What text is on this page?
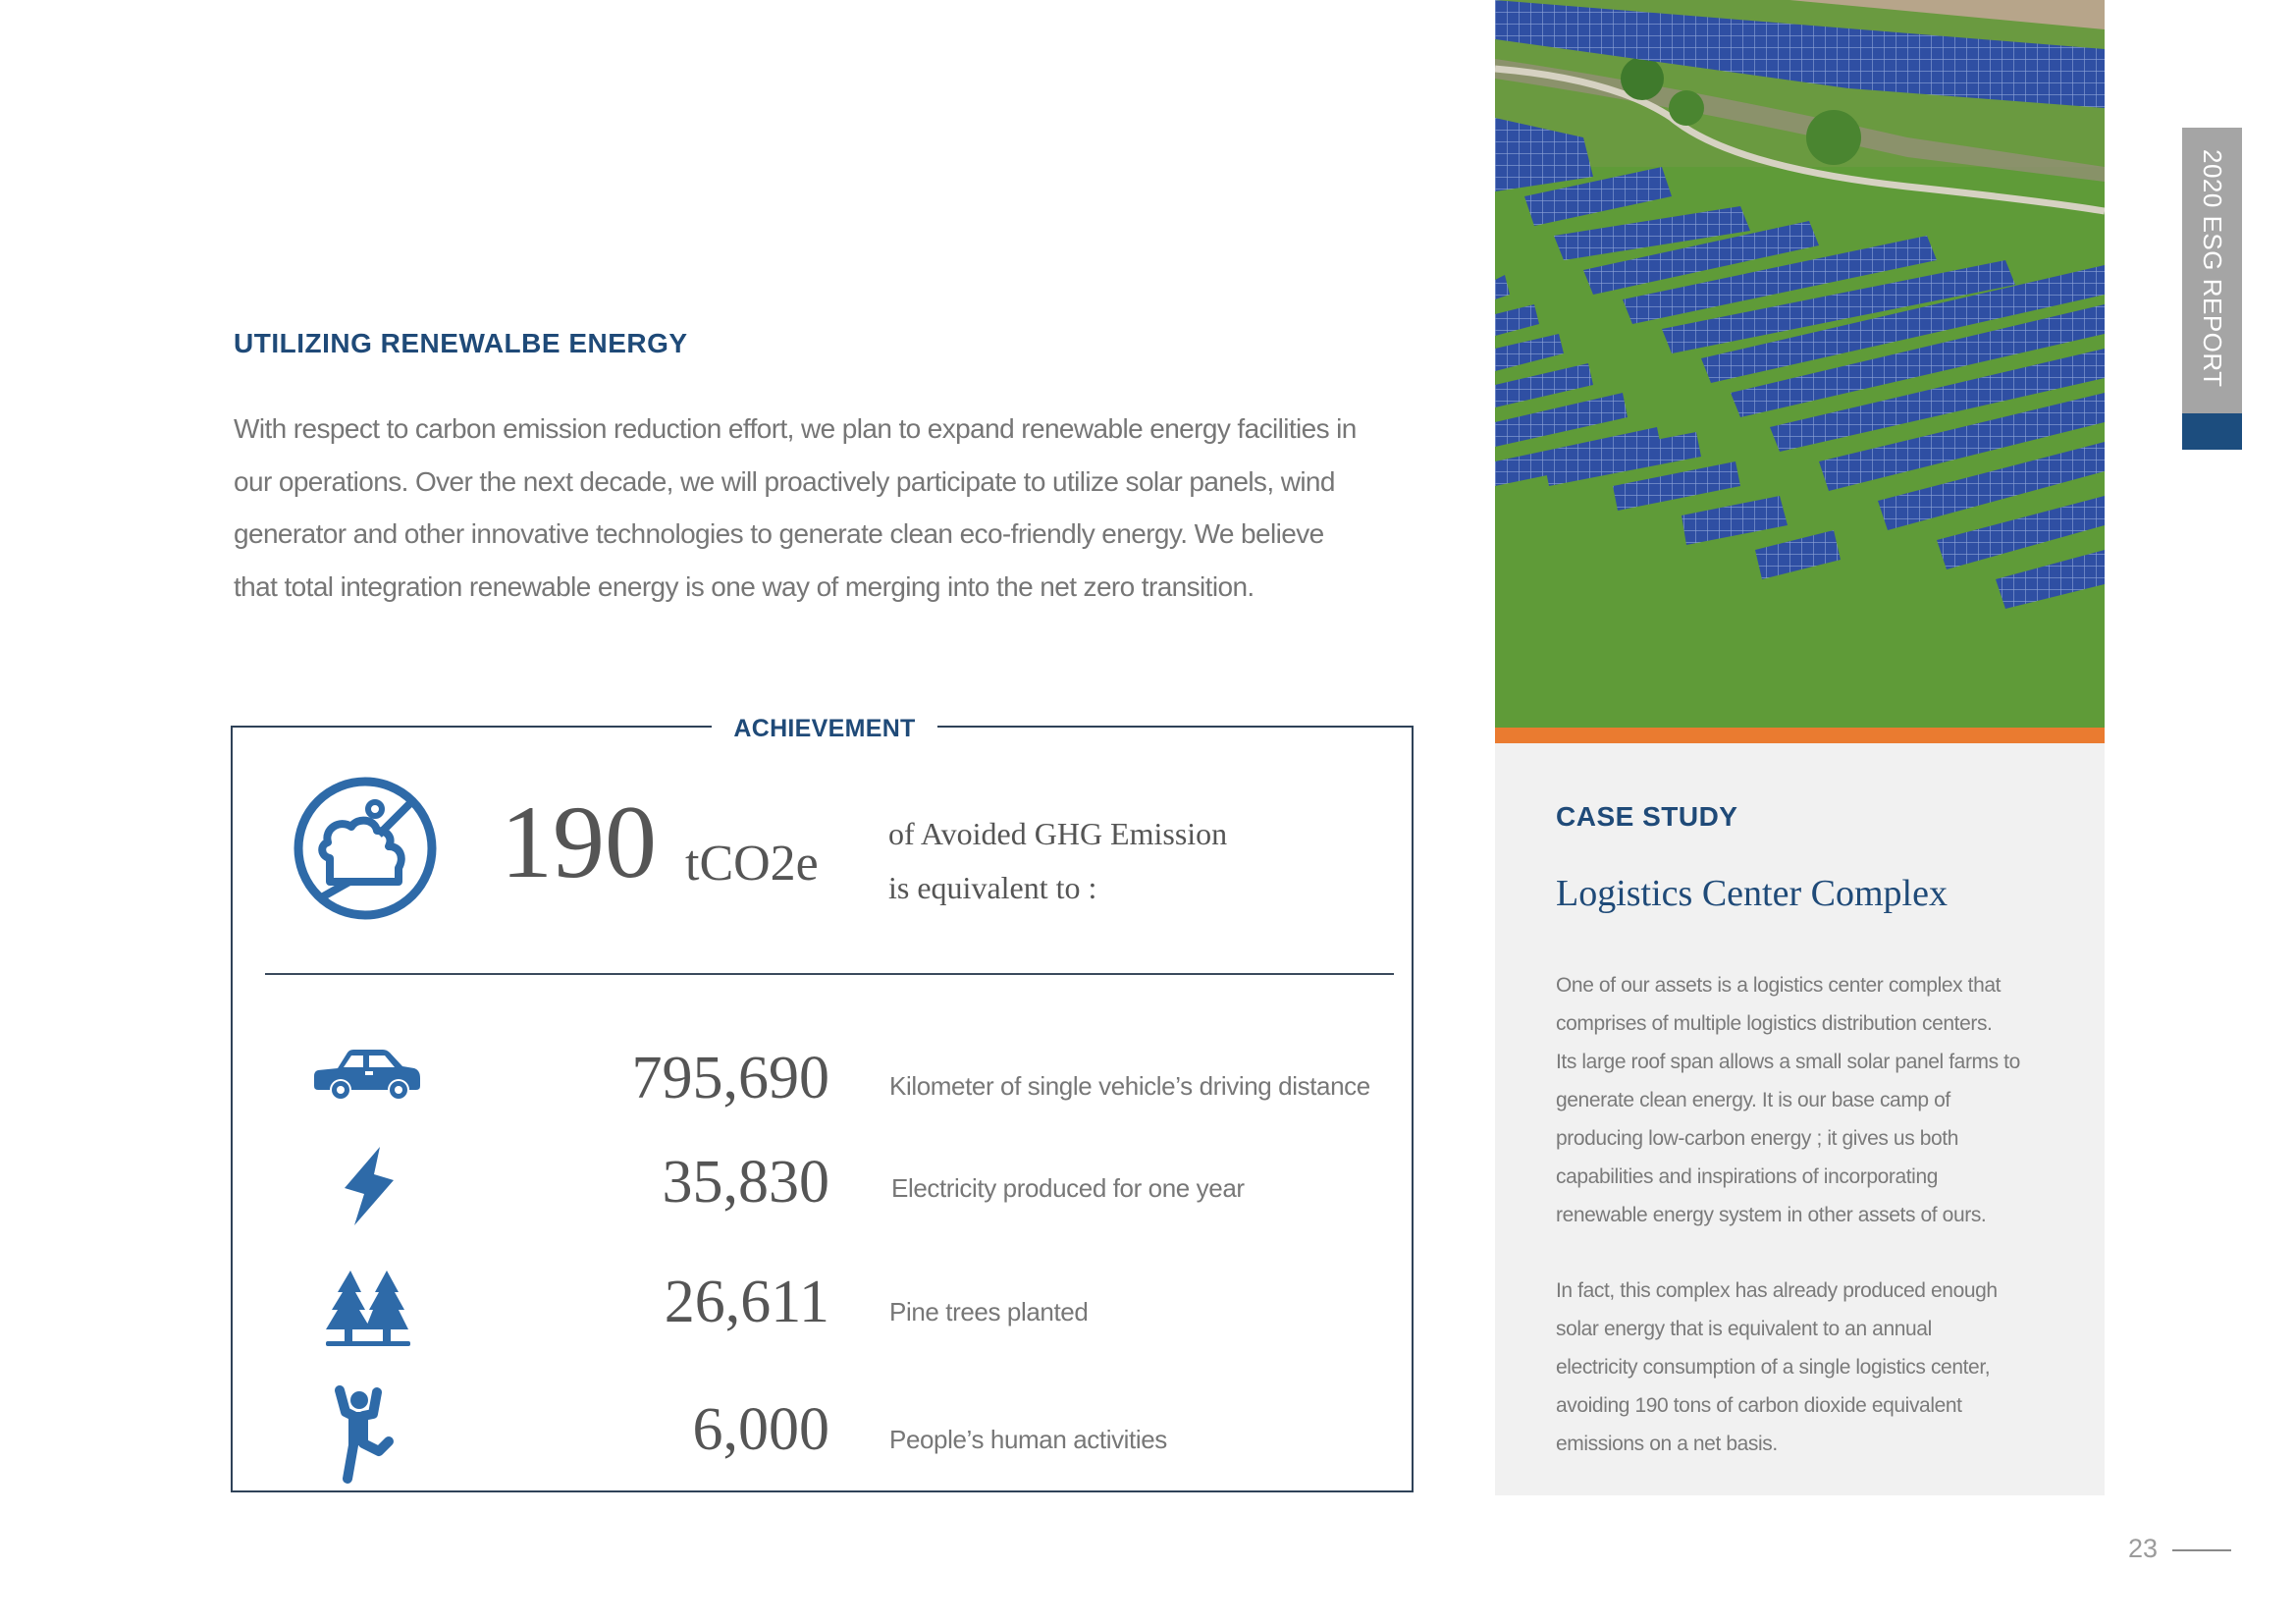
UTILIZING RENEWALBE ENERGY
With respect to carbon emission reduction effort, we plan to expand renewable energy facilities in
our operations. Over the next decade, we will proactively participate to utilize solar panels, wind
generator and other innovative technologies to generate clean eco-friendly energy. We believe
that total integration renewable energy is one way of merging into the net zero transition.
ACHIEVEMENT
190 tCO2e
of Avoided GHG Emission
is equivalent to :
795,690 Kilometer of single vehicle’s driving distance
35,830 Electricity produced for one year
26,611 Pine trees planted
6,000 People’s human activities
CASE STUDY
Logistics Center Complex
One of our assets is a logistics center complex that
comprises of multiple logistics distribution centers.
Its large roof span allows a small solar panel farms to
generate clean energy. It is our base camp of
producing low-carbon energy ; it gives us both
capabilities and inspirations of incorporating
renewable energy system in other assets of ours.
In fact, this complex has already produced enough
solar energy that is equivalent to an annual
electricity consumption of a single logistics center,
avoiding 190 tons of carbon dioxide equivalent
emissions on a net basis.
2020 ESG REPORT
23
